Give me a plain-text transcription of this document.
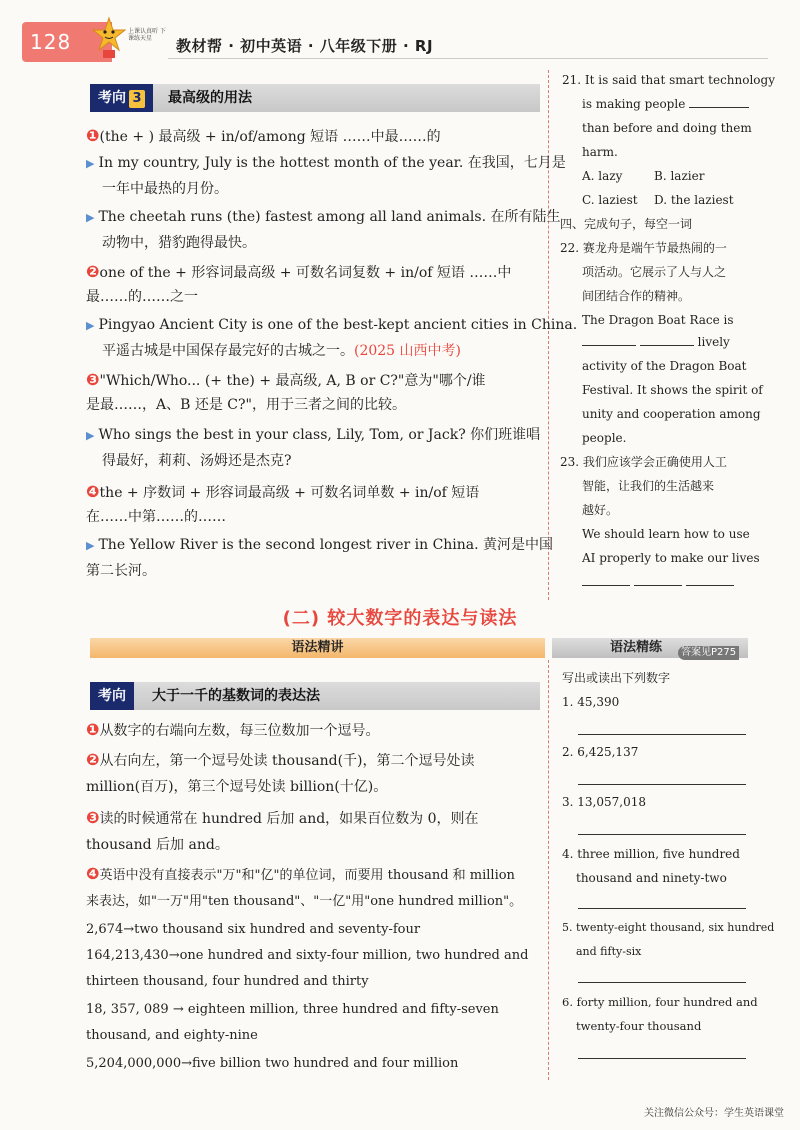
128	上课认真听 下课练天星	教材帮 · 初中英语 · 八年级下册 · RJ
考向 3	最高级的用法
❶(the + ) 最高级 + in/of/among 短语 ……中最……的
▶ In my country, July is the hottest month of the year. 在我国，七月是
一年中最热的月份。
▶ The cheetah runs (the) fastest among all land animals. 在所有陆生
动物中，猎豹跑得最快。
❷one of the + 形容词最高级 + 可数名词复数 + in/of 短语 ……中
最……的……之一
▶ Pingyao Ancient City is one of the best-kept ancient cities in China.
平遥古城是中国保存最完好的古城之一。(2025 山西中考)
❸"Which/Who... (+ the) + 最高级, A, B or C?"意为"哪个/谁
是最……，A、B 还是 C?"，用于三者之间的比较。
▶ Who sings the best in your class, Lily, Tom, or Jack? 你们班谁唱
得最好，莉莉、汤姆还是杰克?
❹the + 序数词 + 形容词最高级 + 可数名词单数 + in/of 短语
在……中第……的……
▶ The Yellow River is the second longest river in China. 黄河是中国
第二长河。
21. It is said that smart technology
is making people
than before and doing them
harm.
A. lazy	B. lazier
C. laziest D. the laziest
四、完成句子，每空一词
22. 赛龙舟是端午节最热闹的一
项活动。它展示了人与人之
间团结合作的精神。
The Dragon Boat Race is
lively
activity of the Dragon Boat
Festival. It shows the spirit of
unity and cooperation among
people.
23. 我们应该学会正确使用人工
智能，让我们的生活越来
越好。
We should learn how to use
AI properly to make our lives

(二) 较大数字的表达与读法
语法精讲	语法精练	答案见P275
考向	大于一千的基数词的表达法
❶从数字的右端向左数，每三位数加一个逗号。
❷从右向左，第一个逗号处读 thousand(千)，第二个逗号处读
million(百万)，第三个逗号处读 billion(十亿)。
❸读的时候通常在 hundred 后加 and，如果百位数为 0，则在
thousand 后加 and。
❹英语中没有直接表示"万"和"亿"的单位词，而要用 thousand 和 million
来表达，如"一万"用"ten thousand"、"一亿"用"one hundred million"。
2,674→two thousand six hundred and seventy-four
164,213,430→one hundred and sixty-four million, two hundred and
thirteen thousand, four hundred and thirty
18, 357, 089 → eighteen million, three hundred and fifty-seven
thousand, and eighty-nine
5,204,000,000→five billion two hundred and four million
写出或读出下列数字
1. 45,390
2. 6,425,137
3. 13,057,018
4. three million, five hundred
thousand and ninety-two
5. twenty-eight thousand, six hundred
and fifty-six
6. forty million, four hundred and
twenty-four thousand
关注微信公众号：学生英语课堂
